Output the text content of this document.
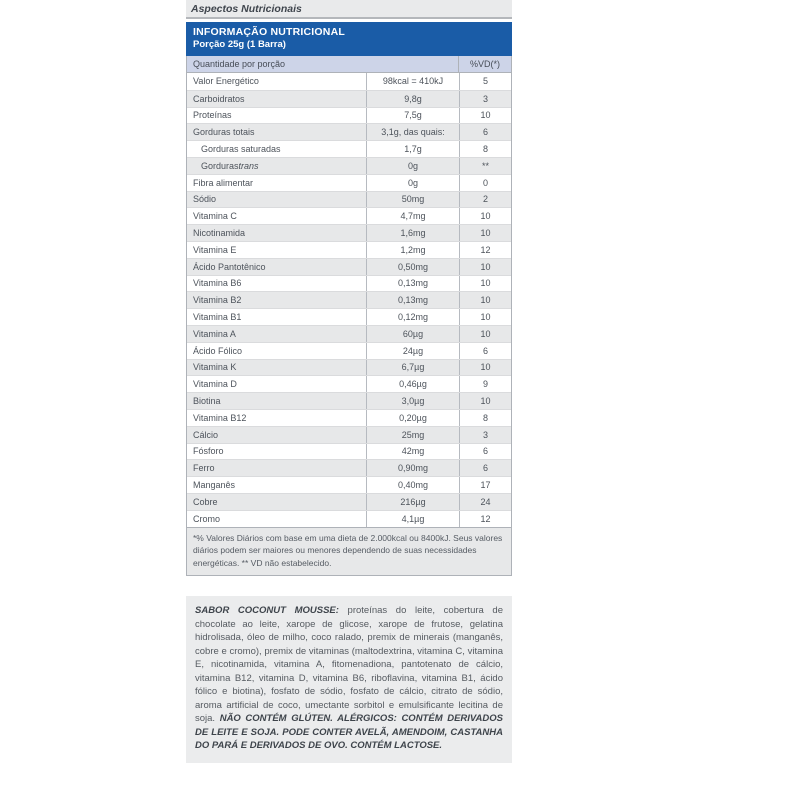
Aspectos Nutricionais
INFORMAÇÃO NUTRICIONAL
Porção 25g (1 Barra)
Quantidade por porção	%VD(*)
Valor Energético	98kcal = 410kJ	5
Carboidratos	9,8g	3
Proteínas	7,5g	10
Gorduras totais	3,1g, das quais:	6
Gorduras saturadas	1,7g	8
Gorduras trans	0g	**
Fibra alimentar	0g	0
Sódio	50mg	2
Vitamina C	4,7mg	10
Nicotinamida	1,6mg	10
Vitamina E	1,2mg	12
Ácido Pantotênico	0,50mg	10
Vitamina B6	0,13mg	10
Vitamina B2	0,13mg	10
Vitamina B1	0,12mg	10
Vitamina A	60µg	10
Ácido Fólico	24µg	6
Vitamina K	6,7µg	10
Vitamina D	0,46µg	9
Biotina	3,0µg	10
Vitamina B12	0,20µg	8
Cálcio	25mg	3
Fósforo	42mg	6
Ferro	0,90mg	6
Manganês	0,40mg	17
Cobre	216µg	24
Cromo	4,1µg	12
*% Valores Diários com base em uma dieta de 2.000kcal ou 8400kJ. Seus valores diários podem ser maiores ou menores dependendo de suas necessidades energéticas. ** VD não estabelecido.
SABOR COCONUT MOUSSE: proteínas do leite, cobertura de chocolate ao leite, xarope de glicose, xarope de frutose, gelatina hidrolisada, óleo de milho, coco ralado, premix de minerais (manganês, cobre e cromo), premix de vitaminas (maltodextrina, vitamina C, vitamina E, nicotinamida, vitamina A, fitomenadiona, pantotenato de cálcio, vitamina B12, vitamina D, vitamina B6, riboflavina, vitamina B1, ácido fólico e biotina), fosfato de sódio, fosfato de cálcio, citrato de sódio, aroma artificial de coco, umectante sorbitol e emulsificante lecitina de soja. NÃO CONTÉM GLÚTEN. ALÉRGICOS: CONTÉM DERIVADOS DE LEITE E SOJA. PODE CONTER AVELÃ, AMENDOIM, CASTANHA DO PARÁ E DERIVADOS DE OVO. CONTÉM LACTOSE.
